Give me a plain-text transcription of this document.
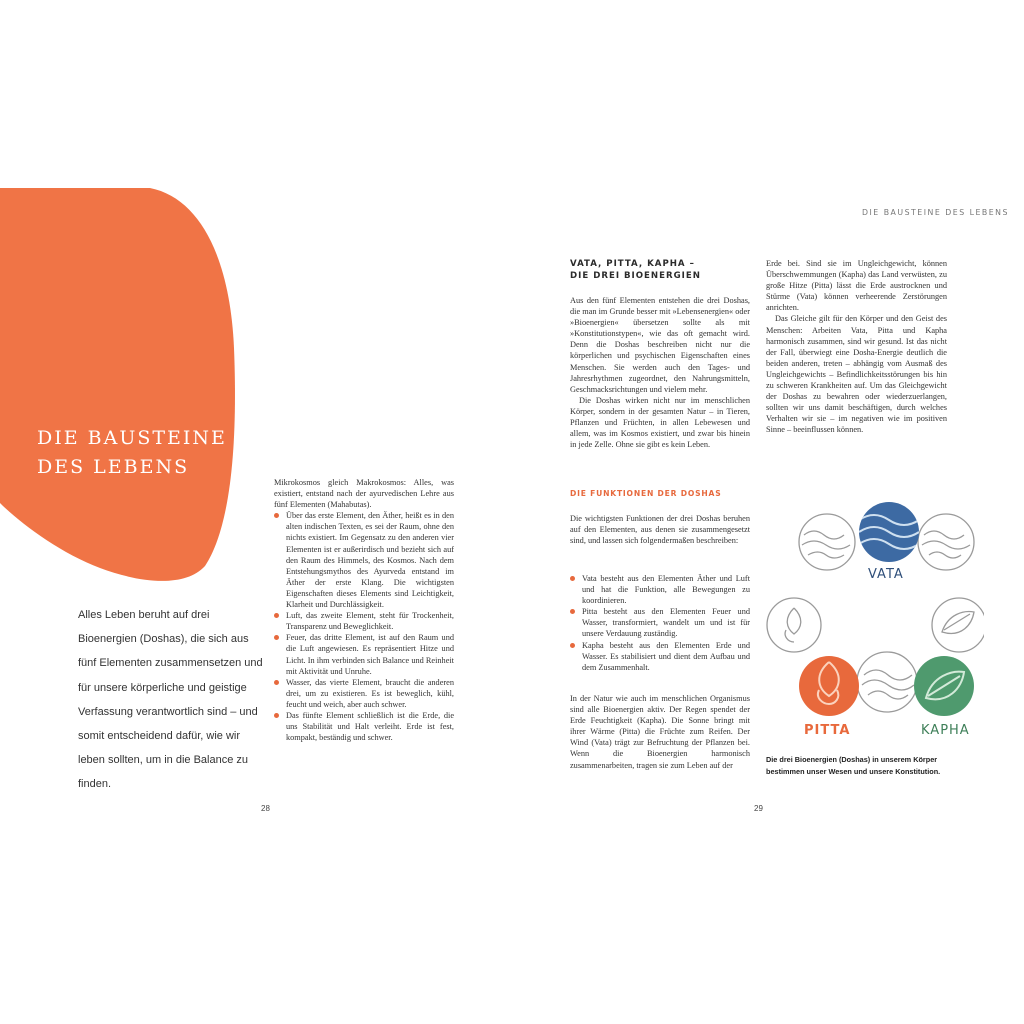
DIE BAUSTEINE
DES LEBENS

Alles Leben beruht auf drei Bioenergien (Doshas), die sich aus fünf Elementen zusammensetzen und für unsere körperliche und geistige Verfassung verantwortlich sind – und somit entscheidend dafür, wie wir leben sollten, um in die Balance zu finden.

Mikrokosmos gleich Makrokosmos: Alles, was existiert, entstand nach der ayurvedischen Lehre aus fünf Elementen (Mahabutas).

Über das erste Element, den Äther, heißt es in den alten indischen Texten, es sei der Raum, ohne den nichts existiert. Im Gegensatz zu den anderen vier Elementen ist er außerirdisch und bezieht sich auf den Raum des Himmels, des Kosmos. Nach dem Entstehungsmythos des Ayurveda entstand im Äther der erste Klang. Die wichtigsten Eigenschaften dieses Elements sind Leichtigkeit, Klarheit und Durchlässigkeit.
Luft, das zweite Element, steht für Trockenheit, Transparenz und Beweglichkeit.
Feuer, das dritte Element, ist auf den Raum und die Luft angewiesen. Es repräsentiert Hitze und Licht. In ihm verbinden sich Balance und Reinheit mit Aktivität und Unruhe.
Wasser, das vierte Element, braucht die anderen drei, um zu existieren. Es ist beweglich, kühl, feucht und weich, aber auch schwer.
Das fünfte Element schließlich ist die Erde, die uns Stabilität und Halt verleiht. Erde ist fest, kompakt, beständig und schwer.
28
DIE BAUSTEINE DES LEBENS
VATA, PITTA, KAPHA –
DIE DREI BIOENERGIEN

Aus den fünf Elementen entstehen die drei Doshas, die man im Grunde besser mit »Lebensenergien« oder »Bioenergien« übersetzen sollte als mit »Konstitutionstypen«, wie das oft gemacht wird. Denn die Doshas beschreiben nicht nur die körperlichen und psychischen Eigenschaften eines Menschen. Sie werden auch den Tages- und Jahresrhythmen zugeordnet, den Nahrungsmitteln, Geschmacksrichtungen und vielem mehr.

Die Doshas wirken nicht nur im menschlichen Körper, sondern in der gesamten Natur – in Tieren, Pflanzen und Früchten, in allen Lebewesen und allem, was im Kosmos existiert, und zwar bis hinein in jede Zelle. Ohne sie gibt es kein Leben.

DIE FUNKTIONEN DER DOSHAS

Die wichtigsten Funktionen der drei Doshas beruhen auf den Elementen, aus denen sie zusammengesetzt sind, und lassen sich folgendermaßen beschreiben:

Vata besteht aus den Elementen Äther und Luft und hat die Funktion, alle Bewegungen zu koordinieren.
Pitta besteht aus den Elementen Feuer und Wasser, transformiert, wandelt um und ist für unsere Verdauung zuständig.
Kapha besteht aus den Elementen Erde und Wasser. Es stabilisiert und dient dem Aufbau und dem Zusammenhalt.

In der Natur wie auch im menschlichen Organismus sind alle Bioenergien aktiv. Der Regen spendet der Erde Feuchtigkeit (Kapha). Die Sonne bringt mit ihrer Wärme (Pitta) die Früchte zum Reifen. Der Wind (Vata) trägt zur Befruchtung der Pflanzen bei. Wenn die Bioenergien harmonisch zusammenarbeiten, tragen sie zum Leben auf der

Erde bei. Sind sie im Ungleichgewicht, können Überschwemmungen (Kapha) das Land verwüsten, zu große Hitze (Pitta) lässt die Erde austrocknen und Stürme (Vata) können verheerende Zerstörungen anrichten.

Das Gleiche gilt für den Körper und den Geist des Menschen: Arbeiten Vata, Pitta und Kapha harmonisch zusammen, sind wir gesund. Ist das nicht der Fall, überwiegt eine Dosha-Energie deutlich die beiden anderen, treten – abhängig vom Ausmaß des Ungleichgewichts – Befindlichkeitsstörungen bis hin zu schweren Krankheiten auf. Um das Gleichgewicht der Doshas zu bewahren oder wiederzuerlangen, sollten wir uns damit beschäftigen, durch welches Verhalten wir sie – im negativen wie im positiven Sinne – beeinflussen können.

VATA
PITTA	KAPHA
Die drei Bioenergien (Doshas) in unserem Körper bestimmen unser Wesen und unsere Konstitution.
29
